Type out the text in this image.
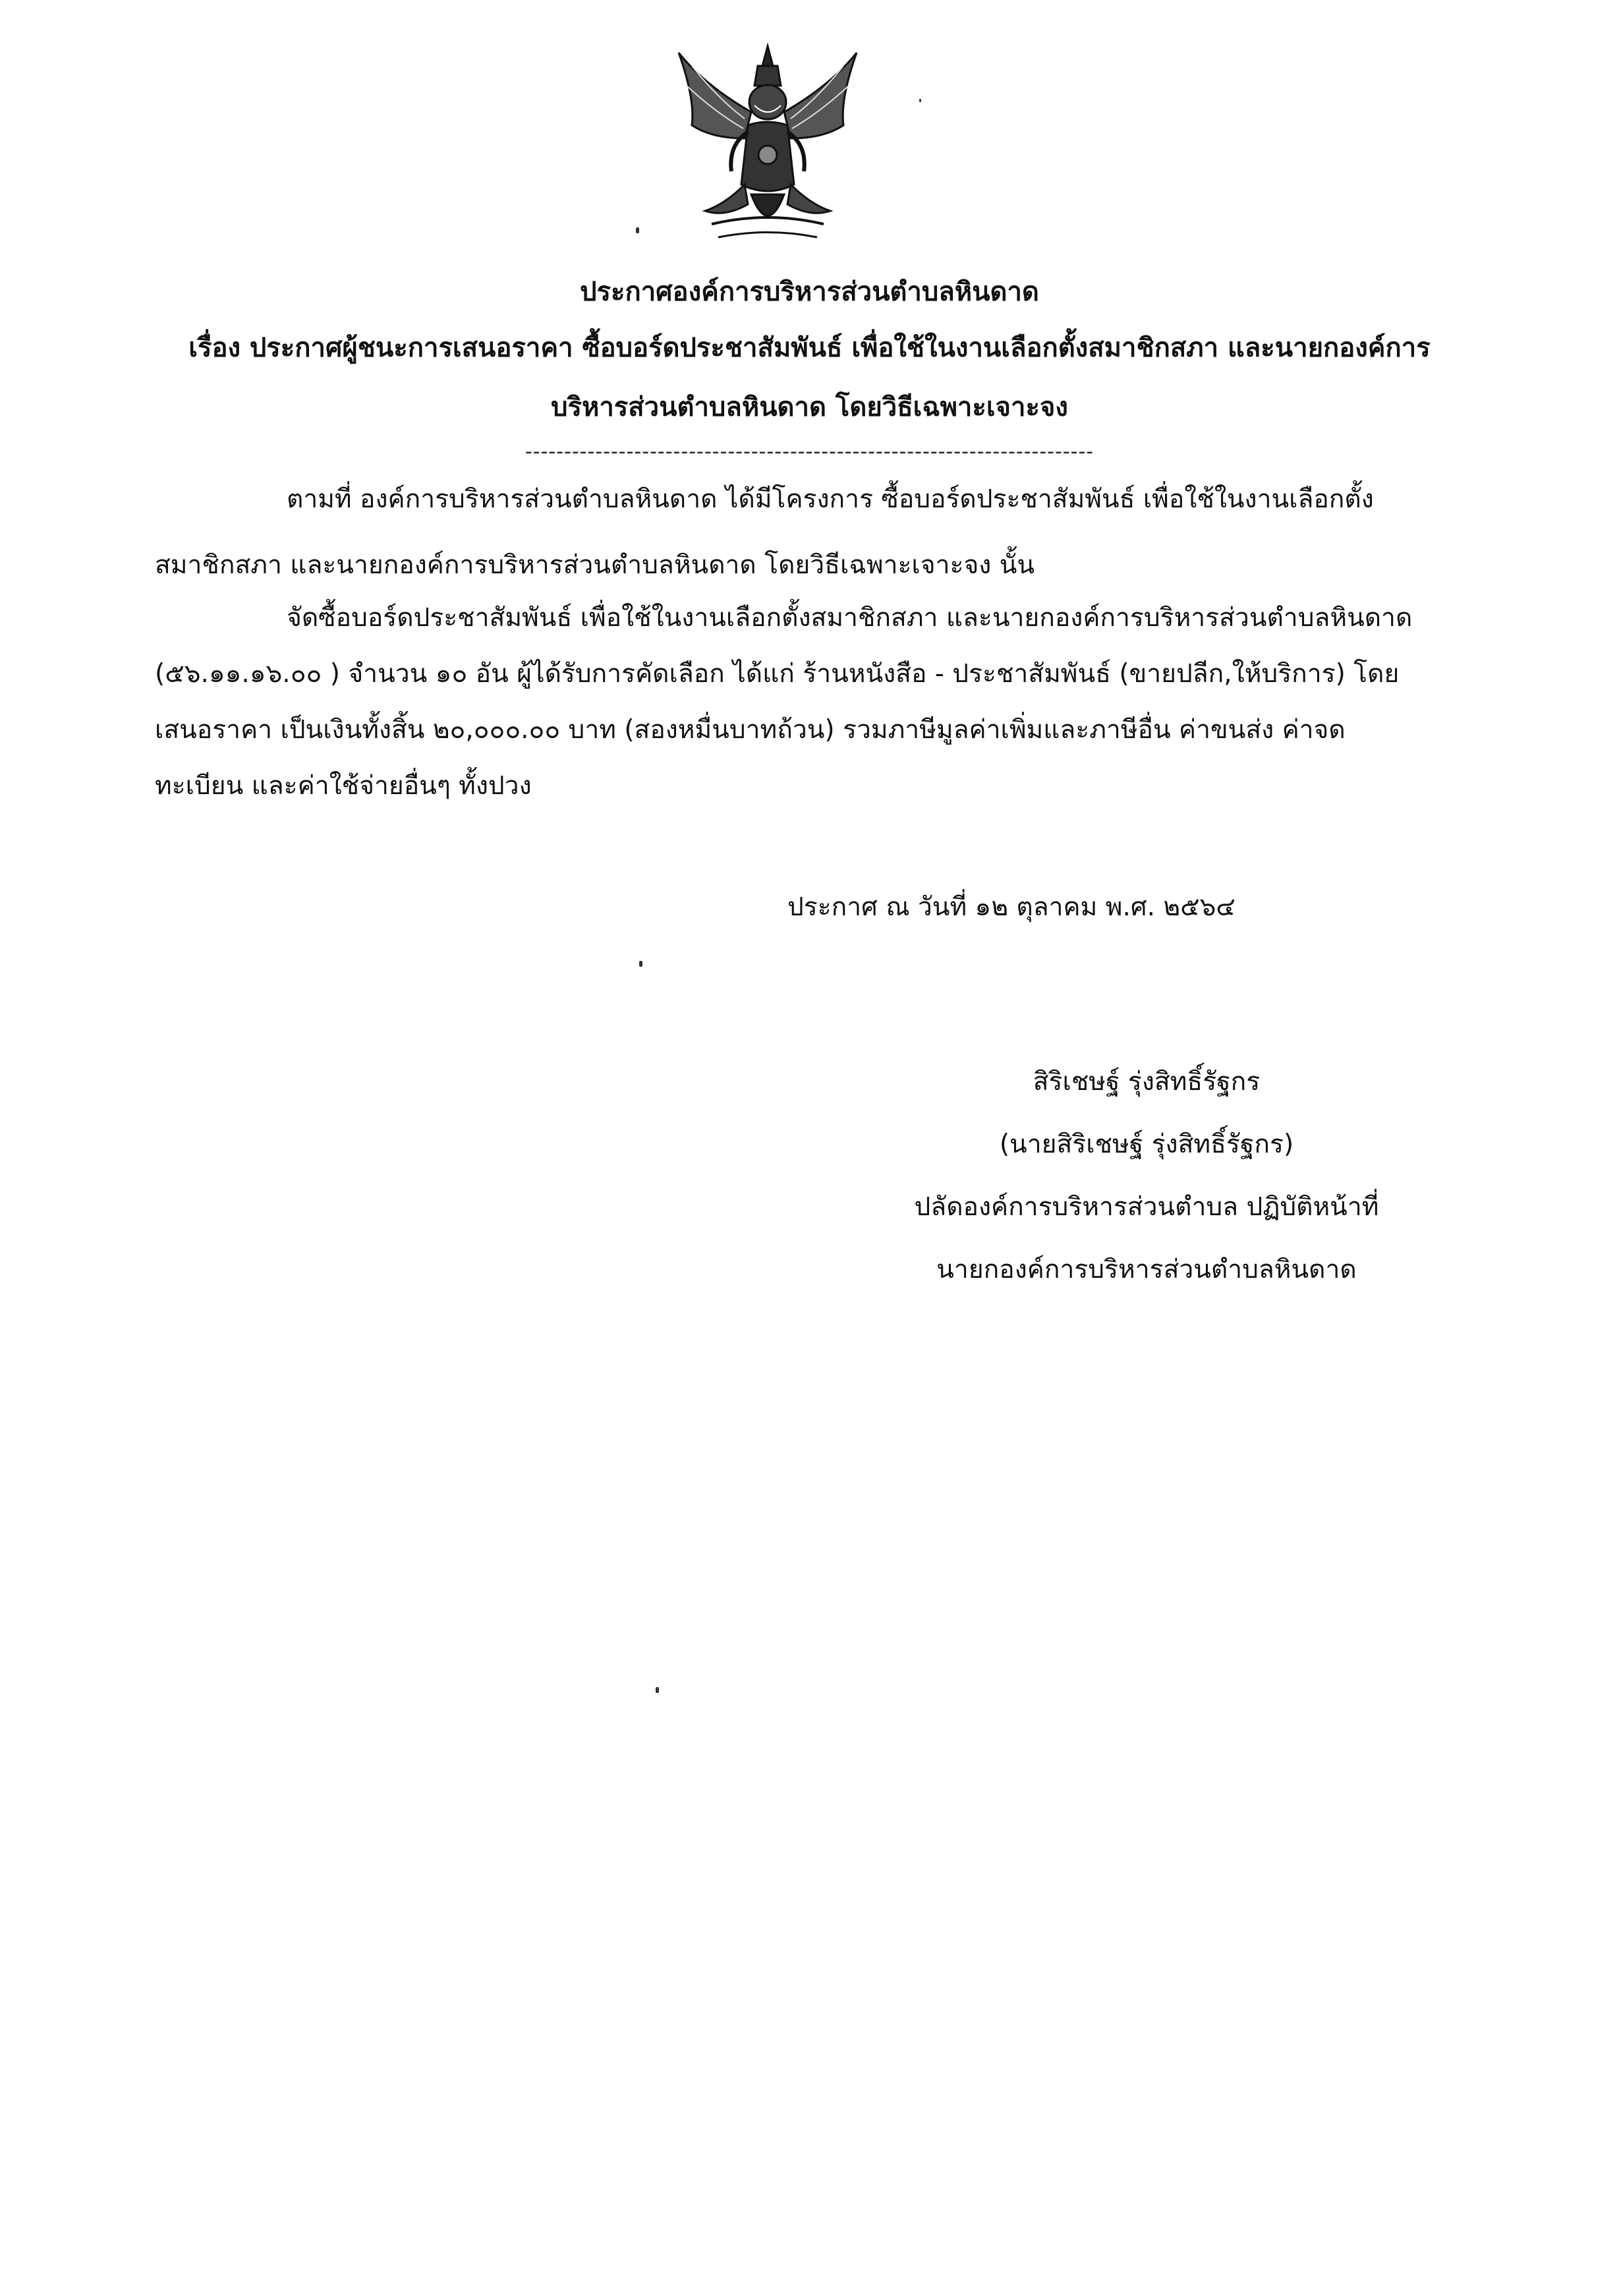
ประกาศองค์การบริหารส่วนตำบลหินดาด
เรื่อง ประกาศผู้ชนะการเสนอราคา ซื้อบอร์ดประชาสัมพันธ์ เพื่อใช้ในงานเลือกตั้งสมาชิกสภา และนายกองค์การ
บริหารส่วนตำบลหินดาด โดยวิธีเฉพาะเจาะจง
-------------------------------------------------------------------------
ตามที่ องค์การบริหารส่วนตำบลหินดาด ได้มีโครงการ ซื้อบอร์ดประชาสัมพันธ์ เพื่อใช้ในงานเลือกตั้ง
สมาชิกสภา และนายกองค์การบริหารส่วนตำบลหินดาด โดยวิธีเฉพาะเจาะจง นั้น
จัดซื้อบอร์ดประชาสัมพันธ์ เพื่อใช้ในงานเลือกตั้งสมาชิกสภา และนายกองค์การบริหารส่วนตำบลหินดาด
(๕๖.๑๑.๑๖.๐๐ ) จำนวน ๑๐ อัน ผู้ได้รับการคัดเลือก ได้แก่ ร้านหนังสือ - ประชาสัมพันธ์ (ขายปลีก,ให้บริการ) โดย
เสนอราคา เป็นเงินทั้งสิ้น ๒๐,๐๐๐.๐๐ บาท (สองหมื่นบาทถ้วน) รวมภาษีมูลค่าเพิ่มและภาษีอื่น ค่าขนส่ง ค่าจด
ทะเบียน และค่าใช้จ่ายอื่นๆ ทั้งปวง
ประกาศ ณ วันที่ ๑๒ ตุลาคม พ.ศ. ๒๕๖๔
สิริเชษฐ์ รุ่งสิทธิ์รัฐกร
(นายสิริเชษฐ์ รุ่งสิทธิ์รัฐกร)
ปลัดองค์การบริหารส่วนตำบล ปฏิบัติหน้าที่
นายกองค์การบริหารส่วนตำบลหินดาด
